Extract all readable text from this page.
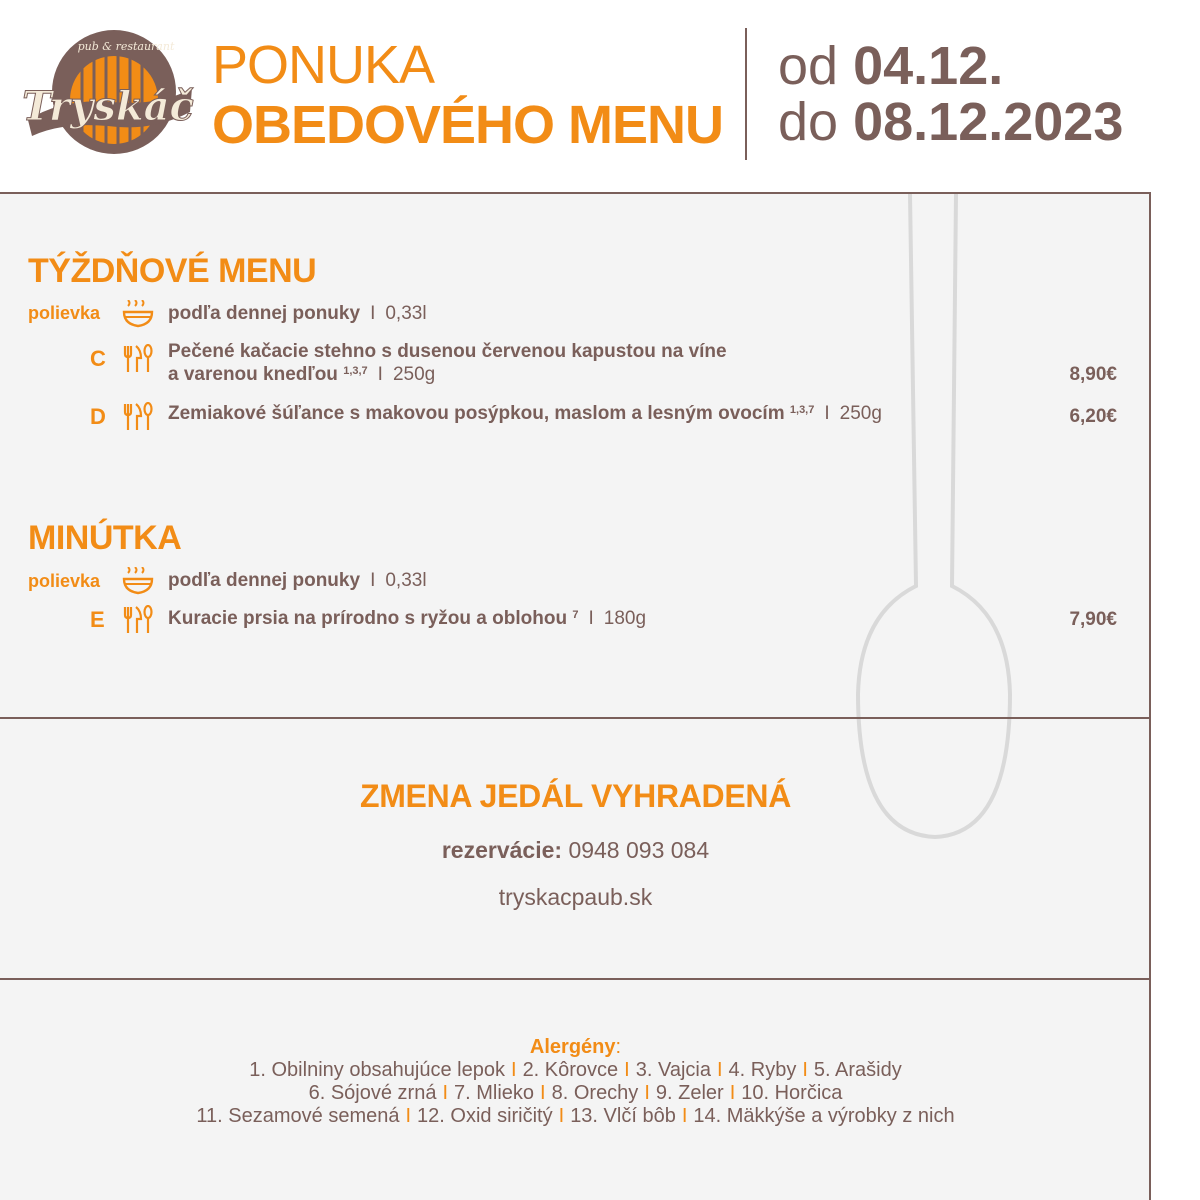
Tryskáč
pub & restaurant PONUKA
OBEDOVÉHO MENU
od 04.12.
do 08.12.2023
TÝŽDŇOVÉ MENU
polievka	podľa dennej ponuky I 0,33l
C	Pečené kačacie stehno s dusenou červenou kapustou na víne
a varenou knedľou $^{1,3,7}$ I 250g	8,90€
D	Zemiakové šúľance s makovou posýpkou, maslom a lesným ovocím $^{1,3,7}$ I 250g	6,20€
MINÚTKA
polievka	podľa dennej ponuky I 0,33l
E	Kuracie prsia na prírodno s ryžou a oblohou $^7$ I 180g	7,90€
ZMENA JEDÁL VYHRADENÁ
rezervácie: 0948 093 084
tryskacpaub.sk
Alergény:
1. Obilniny obsahujúce lepok I 2. Kôrovce I 3. Vajcia I 4. Ryby I 5. Arašidy
6. Sójové zrná I 7. Mlieko I 8. Orechy I 9. Zeler I 10. Horčica
11. Sezamové semená I 12. Oxid siričitý I 13. Vlčí bôb I 14. Mäkkýše a výrobky z nich
